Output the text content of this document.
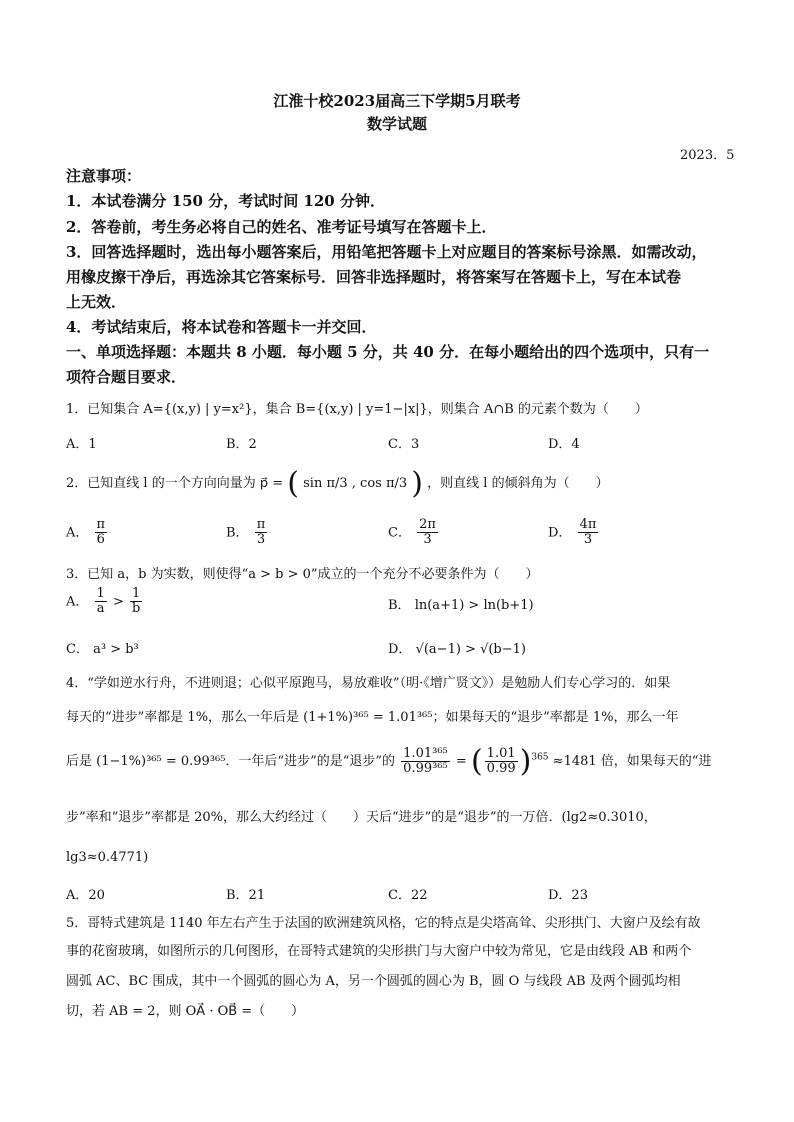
江淮十校2023届高三下学期5月联考
数学试题
2023．5
注意事项：
1．本试卷满分 150 分，考试时间 120 分钟．
2．答卷前，考生务必将自己的姓名、准考证号填写在答题卡上．
3．回答选择题时，选出每小题答案后，用铅笔把答题卡上对应题目的答案标号涂黑．如需改动，
用橡皮擦干净后，再选涂其它答案标号．回答非选择题时，将答案写在答题卡上，写在本试卷
上无效．
4．考试结束后，将本试卷和答题卡一并交回．
一、单项选择题：本题共 8 小题．每小题 5 分，共 40 分．在每小题给出的四个选项中，只有一
项符合题目要求．
1．已知集合 A={(x,y) | y=x²}，集合 B={(x,y) | y=1−|x|}，则集合 A∩B 的元素个数为（　　）
A．1	B．2	C．3	D．4
2．已知直线 l 的一个方向向量为 p⃗ = ( sin π/3 , cos π/3 ) ，则直线 l 的倾斜角为（　　）
A． $\frac{\pi}{6}$	B． $\frac{\pi}{3}$	C． $\frac{2\pi}{3}$	D． $\frac{4\pi}{3}$
3．已知 a，b 为实数，则使得“a > b > 0”成立的一个充分不必要条件为（　　）
A． $\frac{1}{a} > \frac{1}{b}$	B． ln(a+1) > ln(b+1)
C． a³ > b³	D． √(a−1) > √(b−1)
4．“学如逆水行舟，不进则退；心似平原跑马，易放难收”（明·《增广贤文》）是勉励人们专心学习的．如果
每天的“进步”率都是 1%，那么一年后是 (1+1%)³⁶⁵ = 1.01³⁶⁵；如果每天的“退步”率都是 1%，那么一年
后是 (1−1%)³⁶⁵ = 0.99³⁶⁵．一年后“进步”的是“退步”的 $\frac{\text{1.01³⁶⁵}}{\text{0.99³⁶⁵}}$ = ( $\frac{1.01}{0.99} )^{365} \approx 1481$ 倍，如果每天的“进
步”率和“退步”率都是 20%，那么大约经过（　　）天后“进步”的是“退步”的一万倍．(lg2≈0.3010，
lg3≈0.4771)
A．20	B．21	C．22	D．23
5．哥特式建筑是 1140 年左右产生于法国的欧洲建筑风格，它的特点是尖塔高耸、尖形拱门、大窗户及绘有故
事的花窗玻璃，如图所示的几何图形，在哥特式建筑的尖形拱门与大窗户中较为常见，它是由线段 AB 和两个
圆弧 AC、BC 围成，其中一个圆弧的圆心为 A，另一个圆弧的圆心为 B，圆 O 与线段 AB 及两个圆弧均相
切，若 AB = 2，则 OA⃗ · OB⃗ =（　　）
